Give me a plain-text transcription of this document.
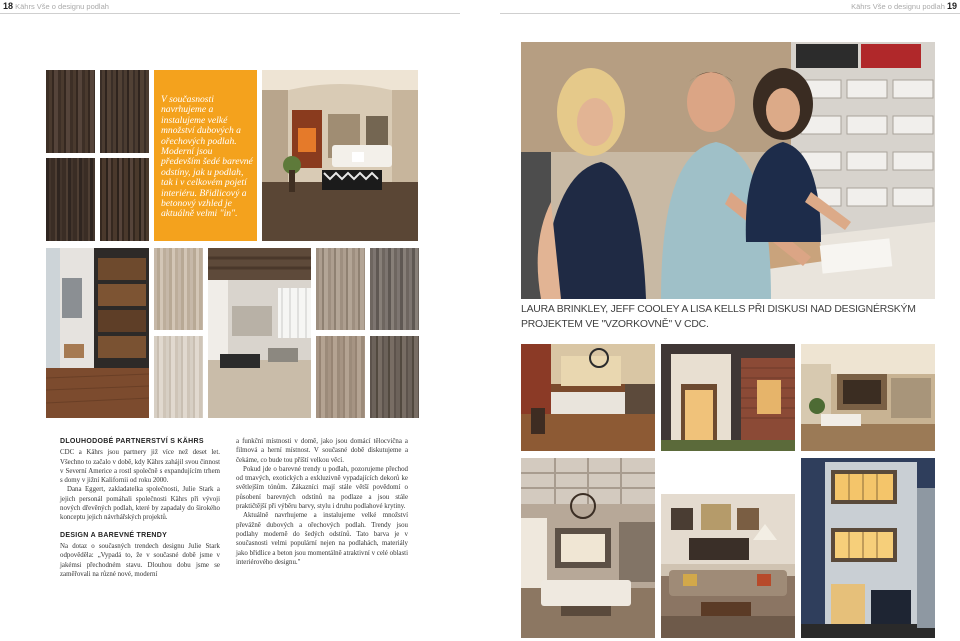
18 Kährs Vše o designu podlah	Kährs Vše o designu podlah 19

V současnosti navrhujeme a instalujeme velké množství dubových a ořechových podlah. Moderní jsou především šedé barevné odstíny, jak u podlah, tak i v celkovém pojetí interiéru. Břidlicový a betonový vzhled je aktuálně velmi "in".

DLOUHODOBÉ PARTNERSTVÍ S KÄHRS

CDC a Kährs jsou partnery již více než deset let. Všechno to začalo v době, kdy Kährs zahájil svou činnost v Severní Americe a rostl společně s expandujícím trhem s domy v jižní Kalifornii od roku 2000.

Dana Eggert, zakladatelka společnosti, Julie Stark a jejich personál pomáhali společnosti Kährs při vývoji nových dřevěných podlah, které by zapadaly do širokého konceptu jejich návrhářských projektů.

DESIGN A BAREVNÉ TRENDY

Na dotaz o současných trendech designu Julie Stark odpověděla: „Vypadá to, že v současné době jsme v jakémsi přechodném stavu. Dlouhou dobu jsme se zaměřovali na různé nové, moderní

a funkční místnosti v domě, jako jsou domácí tělocvična a filmová a herní místnost. V současné době diskutujeme a čekáme, co bude tou příští velkou věcí.

Pokud jde o barevné trendy u podlah, pozorujeme přechod od tmavých, exotických a exkluzivně vypadajících dekorů ke světlejším tónům. Zákazníci mají stále větší povědomí o působení barevných odstínů na podlaze a jsou stále praktičtější při výběru barvy, stylu i druhu podlahové krytiny.

Aktuálně navrhujeme a instalujeme velké množství převážně dubových a ořechových podlah. Trendy jsou podlahy moderně do šedých odstínů. Tato barva je v současnosti velmi populární nejen na podlahách, materiály jako břidlice a beton jsou momentálně atraktivní v celé oblasti interiérového designu."

LAURA BRINKLEY, JEFF COOLEY A LISA KELLS PŘI DISKUSI NAD DESIGNÉRSKÝM PROJEKTEM VE "VZORKOVNĚ" V CDC.
